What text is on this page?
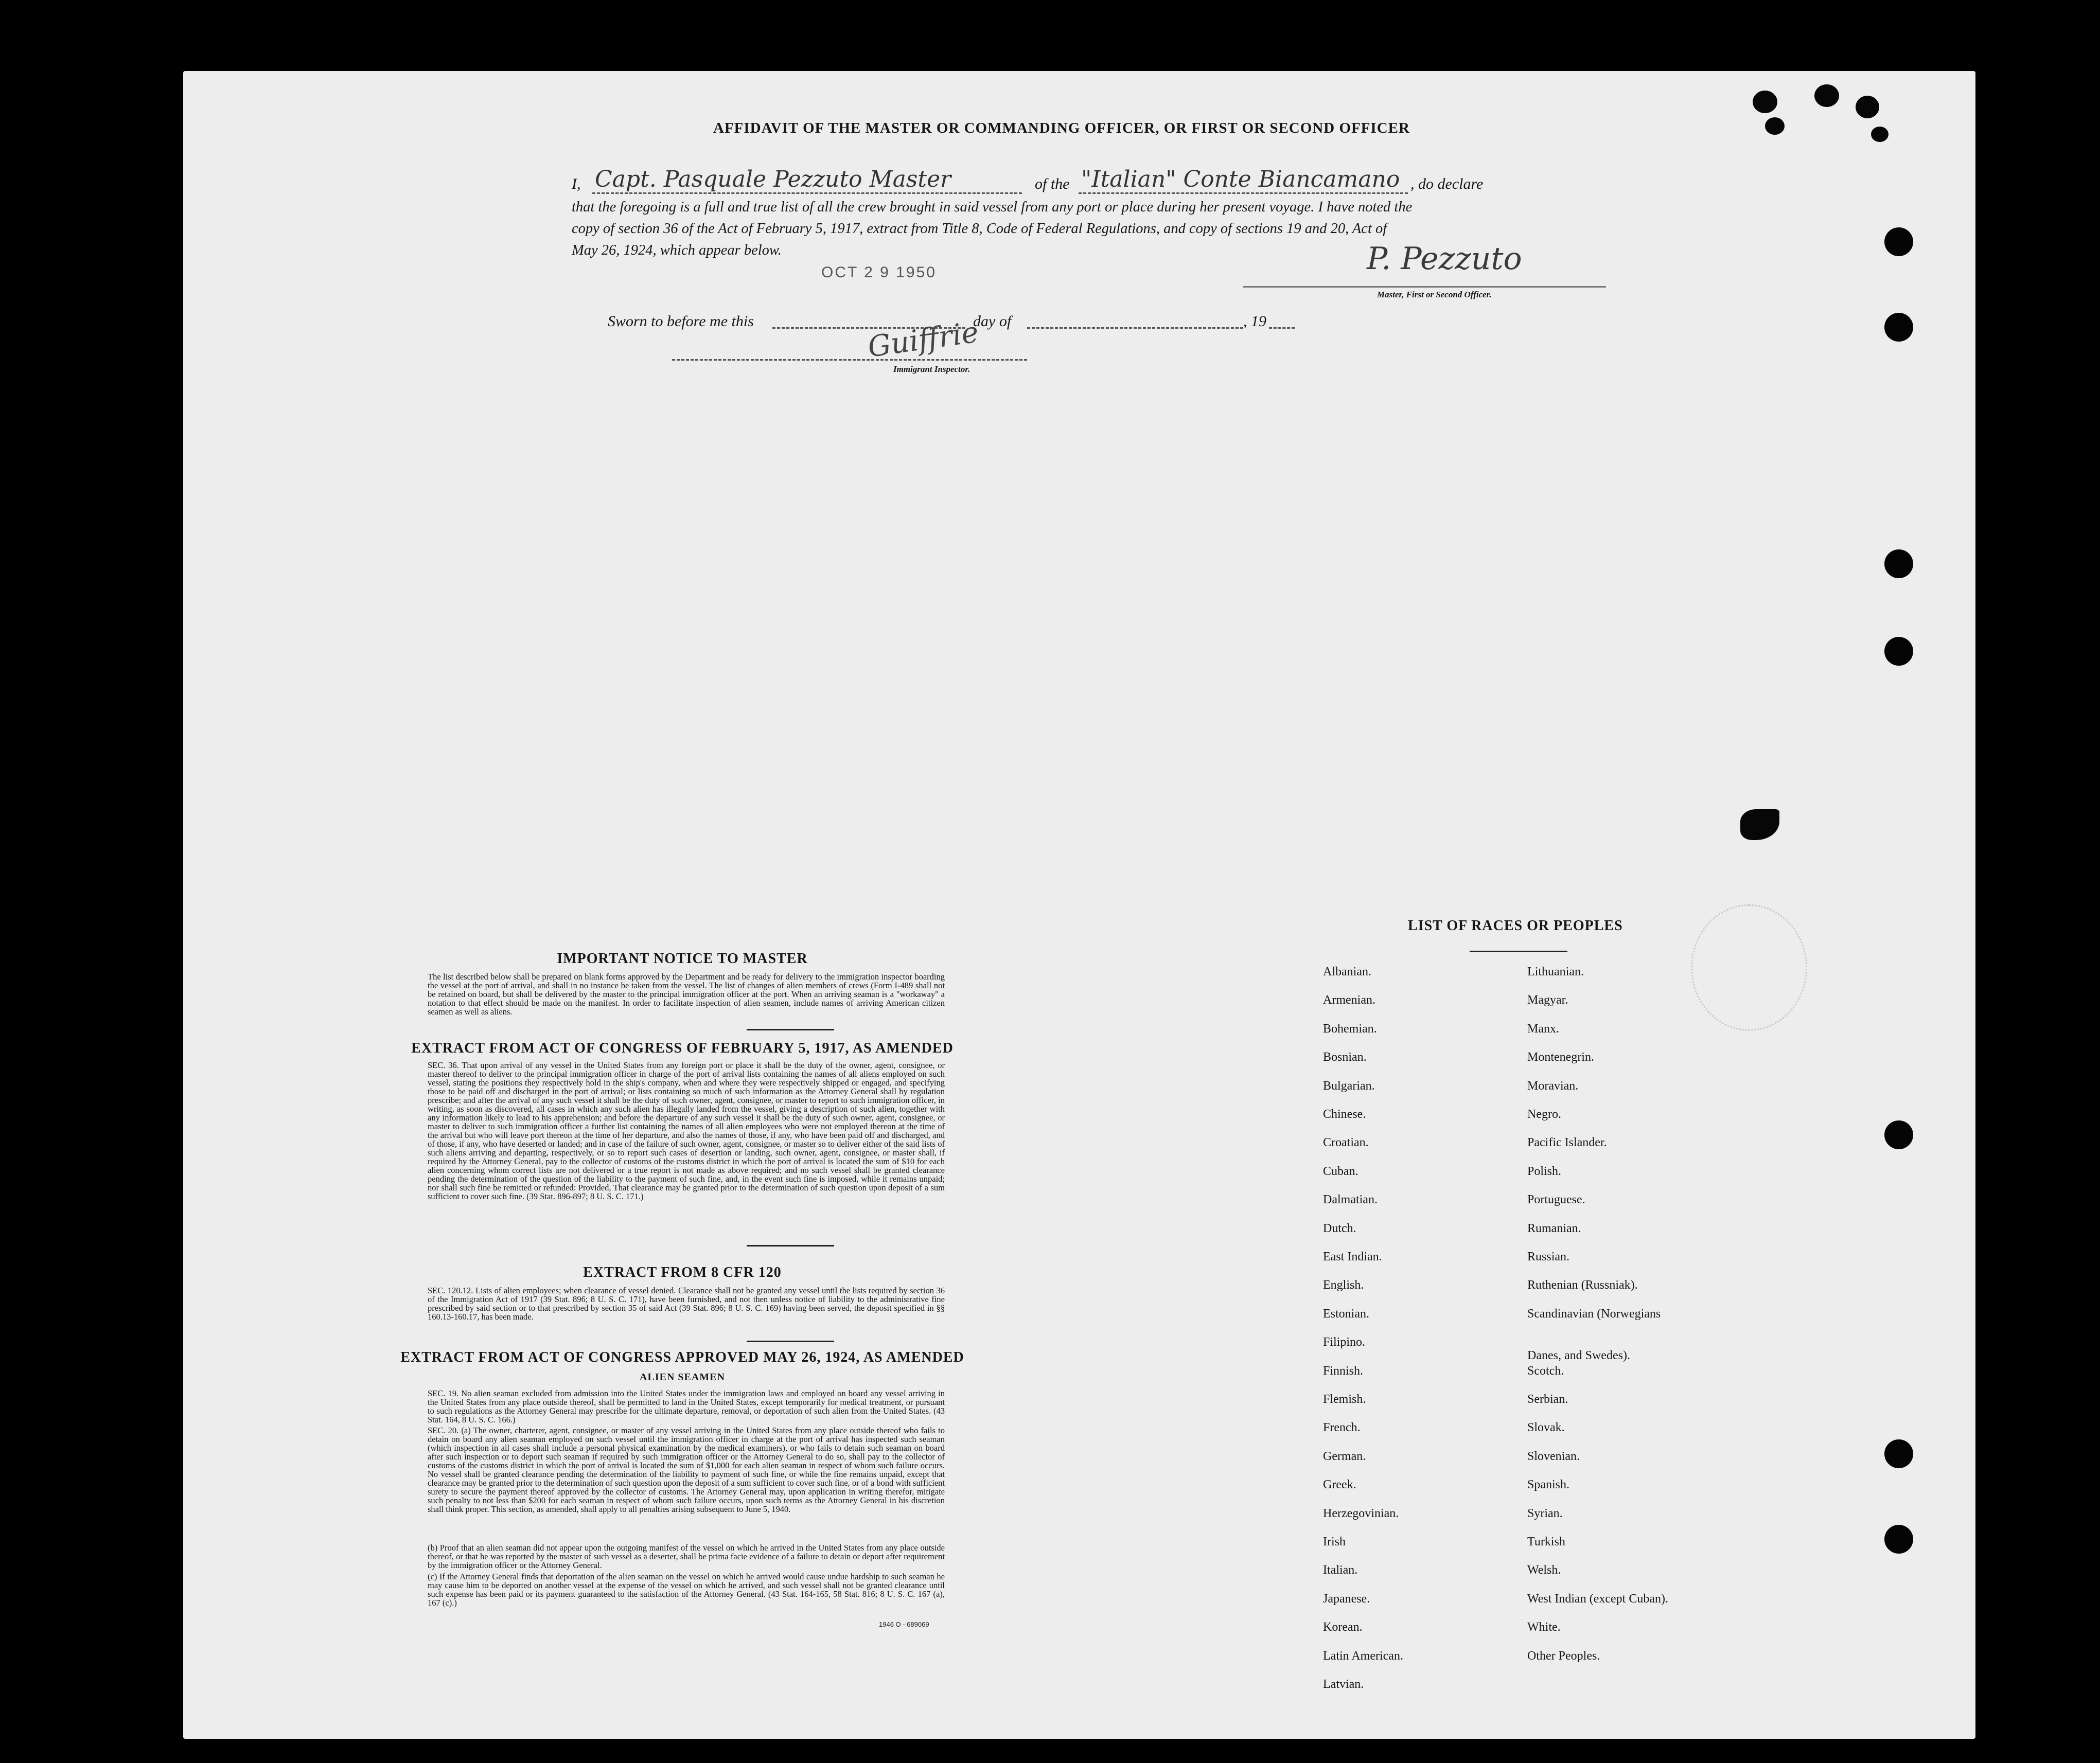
AFFIDAVIT OF THE MASTER OR COMMANDING OFFICER, OR FIRST OR SECOND OFFICER
I, Capt. Pasquale Pezzuto Master	of the "Italian" Conte Biancamano , do declare
that the foregoing is a full and true list of all the crew brought in said vessel from any port or place during her present voyage. I have noted the
copy of section 36 of the Act of February 5, 1917, extract from Title 8, Code of Federal Regulations, and copy of sections 19 and 20, Act of
May 26, 1924, which appear below.
OCT 2 9 1950	P. Pezzuto
Master, First or Second Officer.
Sworn to before me this	day of	, 19
Guiffrie
Immigrant Inspector.
IMPORTANT NOTICE TO MASTER
The list described below shall be prepared on blank forms approved by the Department and be ready for delivery to the immigration inspector boarding the vessel at the port of arrival, and shall in no instance be taken from the vessel. The list of changes of alien members of crews (Form I-489 shall not be retained on board, but shall be delivered by the master to the principal immigration officer at the port. When an arriving seaman is a "workaway" a notation to that effect should be made on the manifest. In order to facilitate inspection of alien seamen, include names of arriving American citizen seamen as well as aliens.
EXTRACT FROM ACT OF CONGRESS OF FEBRUARY 5, 1917, AS AMENDED
SEC. 36. That upon arrival of any vessel in the United States from any foreign port or place it shall be the duty of the owner, agent, consignee, or master thereof to deliver to the principal immigration officer in charge of the port of arrival lists containing the names of all aliens employed on such vessel, stating the positions they respectively hold in the ship's company, when and where they were respectively shipped or engaged, and specifying those to be paid off and discharged in the port of arrival; or lists containing so much of such information as the Attorney General shall by regulation prescribe; and after the arrival of any such vessel it shall be the duty of such owner, agent, consignee, or master to report to such immigration officer, in writing, as soon as discovered, all cases in which any such alien has illegally landed from the vessel, giving a description of such alien, together with any information likely to lead to his apprehension; and before the departure of any such vessel it shall be the duty of such owner, agent, consignee, or master to deliver to such immigration officer a further list containing the names of all alien employees who were not employed thereon at the time of the arrival but who will leave port thereon at the time of her departure, and also the names of those, if any, who have been paid off and discharged, and of those, if any, who have deserted or landed; and in case of the failure of such owner, agent, consignee, or master so to deliver either of the said lists of such aliens arriving and departing, respectively, or so to report such cases of desertion or landing, such owner, agent, consignee, or master shall, if required by the Attorney General, pay to the collector of customs of the customs district in which the port of arrival is located the sum of $10 for each alien concerning whom correct lists are not delivered or a true report is not made as above required; and no such vessel shall be granted clearance pending the determination of the question of the liability to the payment of such fine, and, in the event such fine is imposed, while it remains unpaid; nor shall such fine be remitted or refunded: Provided, That clearance may be granted prior to the determination of such question upon deposit of a sum sufficient to cover such fine. (39 Stat. 896-897; 8 U. S. C. 171.)
EXTRACT FROM 8 CFR 120
SEC. 120.12. Lists of alien employees; when clearance of vessel denied. Clearance shall not be granted any vessel until the lists required by section 36 of the Immigration Act of 1917 (39 Stat. 896; 8 U. S. C. 171), have been furnished, and not then unless notice of liability to the administrative fine prescribed by said section or to that prescribed by section 35 of said Act (39 Stat. 896; 8 U. S. C. 169) having been served, the deposit specified in §§ 160.13-160.17, has been made.
EXTRACT FROM ACT OF CONGRESS APPROVED MAY 26, 1924, AS AMENDED
ALIEN SEAMEN
SEC. 19. No alien seaman excluded from admission into the United States under the immigration laws and employed on board any vessel arriving in the United States from any place outside thereof, shall be permitted to land in the United States, except temporarily for medical treatment, or pursuant to such regulations as the Attorney General may prescribe for the ultimate departure, removal, or deportation of such alien from the United States. (43 Stat. 164, 8 U. S. C. 166.)
SEC. 20. (a) The owner, charterer, agent, consignee, or master of any vessel arriving in the United States from any place outside thereof who fails to detain on board any alien seaman employed on such vessel until the immigration officer in charge at the port of arrival has inspected such seaman (which inspection in all cases shall include a personal physical examination by the medical examiners), or who fails to detain such seaman on board after such inspection or to deport such seaman if required by such immigration officer or the Attorney General to do so, shall pay to the collector of customs of the customs district in which the port of arrival is located the sum of $1,000 for each alien seaman in respect of whom such failure occurs. No vessel shall be granted clearance pending the determination of the liability to payment of such fine, or while the fine remains unpaid, except that clearance may be granted prior to the determination of such question upon the deposit of a sum sufficient to cover such fine, or of a bond with sufficient surety to secure the payment thereof approved by the collector of customs. The Attorney General may, upon application in writing therefor, mitigate such penalty to not less than $200 for each seaman in respect of whom such failure occurs, upon such terms as the Attorney General in his discretion shall think proper. This section, as amended, shall apply to all penalties arising subsequent to June 5, 1940.
(b) Proof that an alien seaman did not appear upon the outgoing manifest of the vessel on which he arrived in the United States from any place outside thereof, or that he was reported by the master of such vessel as a deserter, shall be prima facie evidence of a failure to detain or deport after requirement by the immigration officer or the Attorney General.
(c) If the Attorney General finds that deportation of the alien seaman on the vessel on which he arrived would cause undue hardship to such seaman he may cause him to be deported on another vessel at the expense of the vessel on which he arrived, and such vessel shall not be granted clearance until such expense has been paid or its payment guaranteed to the satisfaction of the Attorney General. (43 Stat. 164-165, 58 Stat. 816; 8 U. S. C. 167 (a), 167 (c).)
1946 O - 689069
LIST OF RACES OR PEOPLES
Albanian.
Armenian.
Bohemian.
Bosnian.
Bulgarian.
Chinese.
Croatian.
Cuban.
Dalmatian.
Dutch.
East Indian.
English.
Estonian.
Filipino.
Finnish.
Flemish.
French.
German.
Greek.
Herzegovinian.
Irish
Italian.
Japanese.
Korean.
Latin American.
Latvian.
Lithuanian.
Magyar.
Manx.
Montenegrin.
Moravian.
Negro.
Pacific Islander.
Polish.
Portuguese.
Rumanian.
Russian.
Ruthenian (Russniak).
Scandinavian (Norwegians
Danes, and Swedes).
Scotch.
Serbian.
Slovak.
Slovenian.
Spanish.
Syrian.
Turkish
Welsh.
West Indian (except Cuban).
White.
Other Peoples.
